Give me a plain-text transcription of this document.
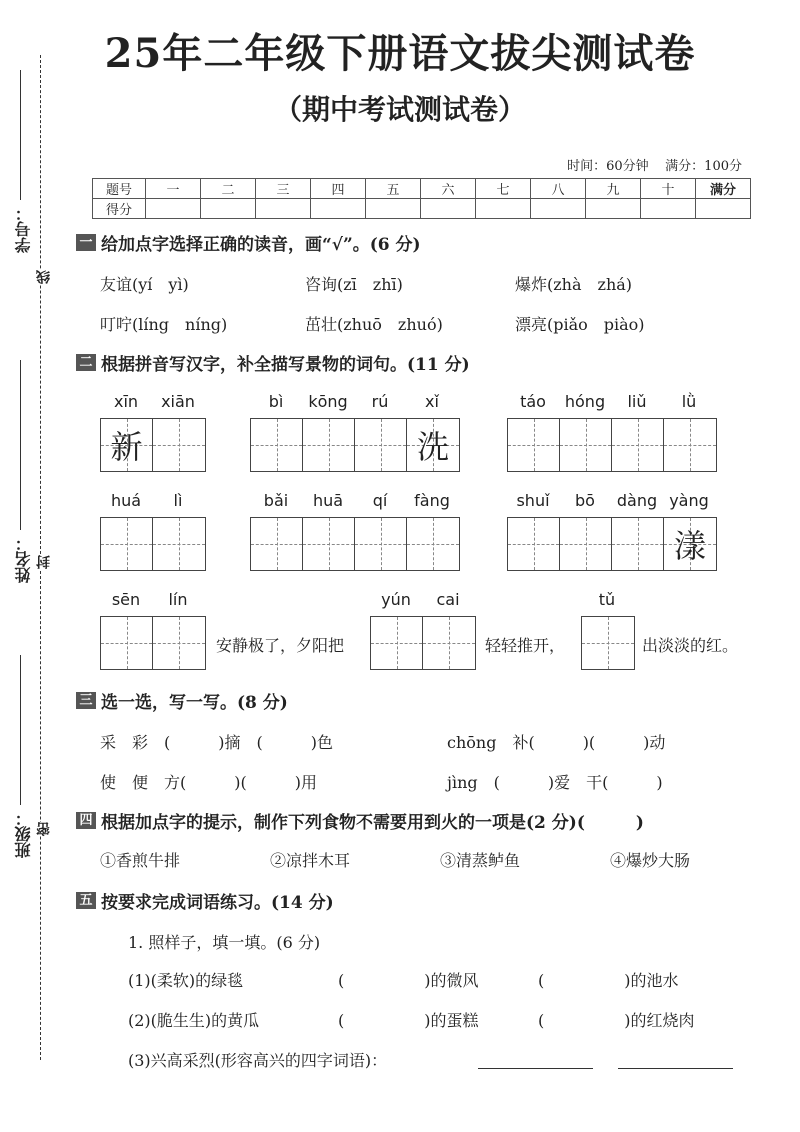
学号：
线
姓名： 封
班级： 密
25年二年级下册语文拔尖测试卷
（期中考试测试卷）
时间：60分钟 满分：100分
题号	一	二	三	四	五	六	七	八	九	十	满分
得分											
一 给加点字选择正确的读音，画“√”。(6 分)
友谊(yí　yì)	咨询(zī　zhī)	爆炸(zhà　zhá)
叮咛(líng　níng)	茁壮(zhuō　zhuó)	漂亮(piǎo　piào)
二 根据拼音写汉字，补全描写景物的词句。(11 分)
xīn	xiān
新
bì	kōng	rú	xǐ
洗
táo	hóng	liǔ	lǜ
huá	lì	bǎi	huā	qí	fàng	shuǐ	bō	dàng yàng
漾
sēn	lín	yún	cai	tǔ
安静极了，夕阳把	轻轻推开，	出淡淡的红。
三 选一选，写一写。(8 分)
采　彩　(　　　)摘　(　　　)色	chōng　补(　　　)(　　　)动
使　便　方(　　　)(　　　)用	jìng　(　　　)爱　干(　　　)
四 根据加点字的提示，制作下列食物不需要用到火的一项是(2 分)(　　　)
①香煎牛排	②凉拌木耳	③清蒸鲈鱼	④爆炒大肠
五 按要求完成词语练习。(14 分)
1. 照样子，填一填。(6 分)
(1)(柔软)的绿毯	(　　　　　)的微风	(　　　　　)的池水
(2)(脆生生)的黄瓜	(　　　　　)的蛋糕	(　　　　　)的红烧肉
(3)兴高采烈(形容高兴的四字词语)：
